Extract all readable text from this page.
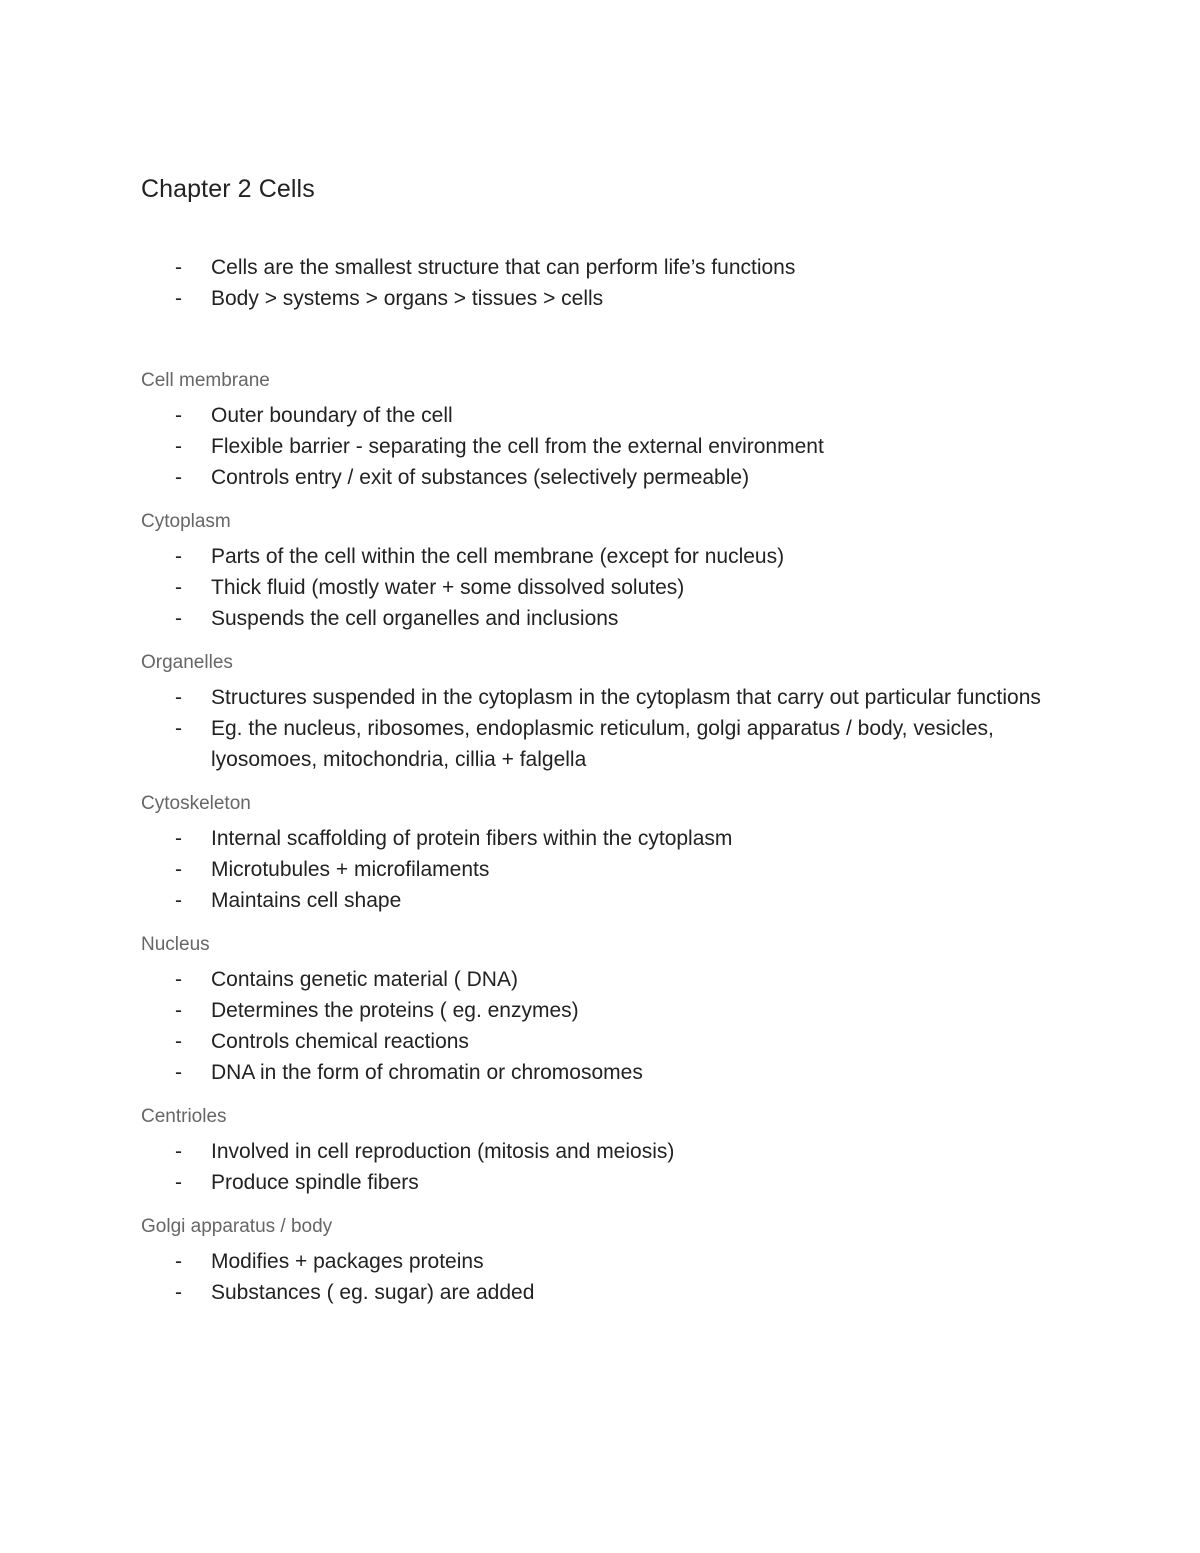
Chapter 2 Cells
-	Cells are the smallest structure that can perform life’s functions
-	Body > systems > organs > tissues > cells
Cell membrane
-	Outer boundary of the cell
-	Flexible barrier - separating the cell from the external environment
-	Controls entry / exit of substances (selectively permeable)
Cytoplasm
-	Parts of the cell within the cell membrane (except for nucleus)
-	Thick fluid (mostly water + some dissolved solutes)
-	Suspends the cell organelles and inclusions
Organelles
-	Structures suspended in the cytoplasm in the cytoplasm that carry out particular functions
-	Eg. the nucleus, ribosomes, endoplasmic reticulum, golgi apparatus / body, vesicles, lyosomoes, mitochondria, cillia + falgella
Cytoskeleton
-	Internal scaffolding of protein fibers within the cytoplasm
-	Microtubules + microfilaments
-	Maintains cell shape
Nucleus
-	Contains genetic material ( DNA)
-	Determines the proteins ( eg. enzymes)
-	Controls chemical reactions
-	DNA in the form of chromatin or chromosomes
Centrioles
-	Involved in cell reproduction (mitosis and meiosis)
-	Produce spindle fibers
Golgi apparatus / body
-	Modifies + packages proteins
-	Substances ( eg. sugar) are added
